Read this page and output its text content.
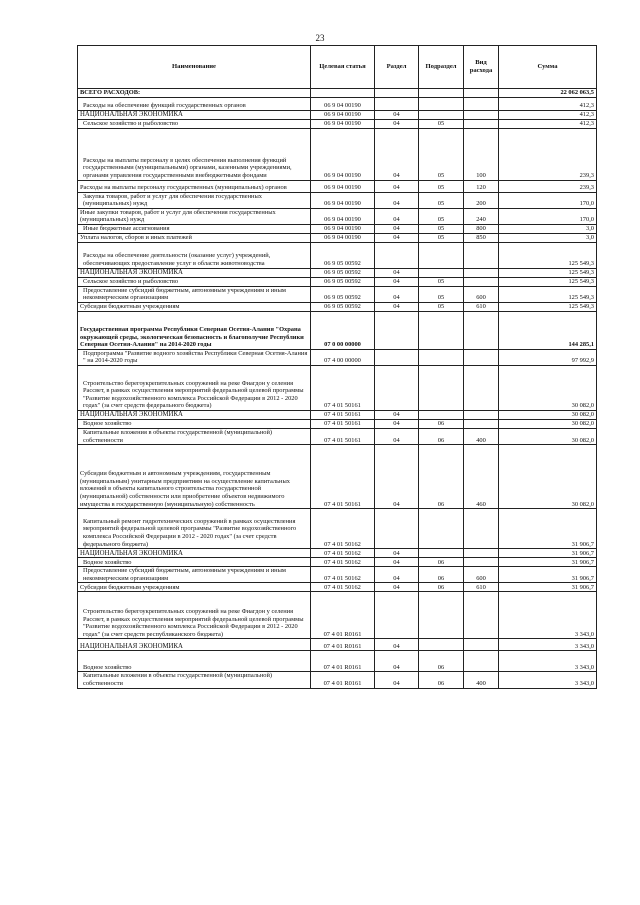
23
Наименование	Целевая статья	Раздел	Подраздел	Вид расхода	Сумма
ВСЕГО РАСХОДОВ:					22 062 063,5
Расходы на обеспечение функций государственных органов	06 9 04 00190				412,3
НАЦИОНАЛЬНАЯ ЭКОНОМИКА	06 9 04 00190	04			412,3
Сельское хозяйство и рыболовство	06 9 04 00190	04	05		412,3
Расходы на выплаты персоналу в целях обеспечения выполнения функций государственными (муниципальными) органами, казенными учреждениями, органами управления государственными внебюджетными фондами	06 9 04 00190	04	05	100	239,3
Расходы на выплаты персоналу государственных (муниципальных) органов	06 9 04 00190	04	05	120	239,3
Закупка товаров, работ и услуг для обеспечения государственных (муниципальных) нужд	06 9 04 00190	04	05	200	170,0
Иные закупки товаров, работ и услуг для обеспечения государственных (муниципальных) нужд	06 9 04 00190	04	05	240	170,0
Иные бюджетные ассигнования	06 9 04 00190	04	05	800	3,0
Уплата налогов, сборов и иных платежей	06 9 04 00190	04	05	850	3,0
Расходы на обеспечение деятельности (оказание услуг) учреждений, обеспечивающих предоставление услуг в области животноводства	06 9 05 00592				125 549,3
НАЦИОНАЛЬНАЯ ЭКОНОМИКА	06 9 05 00592	04			125 549,3
Сельское хозяйство и рыболовство	06 9 05 00592	04	05		125 549,3
Предоставление субсидий бюджетным, автономным учреждениям и иным некоммерческим организациям	06 9 05 00592	04	05	600	125 549,3
Субсидии бюджетным учреждениям	06 9 05 00592	04	05	610	125 549,3
Государственная программа Республики Северная Осетия-Алания "Охрана окружающей среды, экологическая безопасность и благополучие Республики Северная Осетия-Алания" на 2014-2020 годы	07 0 00 00000				144 285,1
Подпрограмма "Развитие водного хозяйства Республики Северная Осетия-Алания " на 2014-2020 годы	07 4 00 00000				97 992,9
Строительство берегоукрепительных сооружений на реке Фиагдон у селения Рассвет, в рамках осуществления мероприятий федеральной целевой программы "Развитие водохозяйственного комплекса Российской Федерации в 2012 - 2020 годах" (за счет средств федерального бюджета)	07 4 01 50161				30 082,0
НАЦИОНАЛЬНАЯ ЭКОНОМИКА	07 4 01 50161	04			30 082,0
Водное хозяйство	07 4 01 50161	04	06		30 082,0
Капитальные вложения в объекты государственной (муниципальной) собственности	07 4 01 50161	04	06	400	30 082,0
Субсидии бюджетным и автономным учреждениям, государственным (муниципальным) унитарным предприятиям на осуществление капитальных вложений в объекты капитального строительства государственной (муниципальной) собственности или приобретение объектов недвижимого имущества в государственную (муниципальную) собственность	07 4 01 50161	04	06	460	30 082,0
Капитальный ремонт гидротехнических сооружений в рамках осуществления мероприятий федеральной целевой программы "Развитие водохозяйственного комплекса Российской Федерации в 2012 - 2020 годах" (за счет средств федерального бюджета)	07 4 01 50162				31 906,7
НАЦИОНАЛЬНАЯ ЭКОНОМИКА	07 4 01 50162	04			31 906,7
Водное хозяйство	07 4 01 50162	04	06		31 906,7
Предоставление субсидий бюджетным, автономным учреждениям и иным некоммерческим организациям	07 4 01 50162	04	06	600	31 906,7
Субсидии бюджетным учреждениям	07 4 01 50162	04	06	610	31 906,7
Строительство берегоукрепительных сооружений на реке Фиагдон у селения Рассвет, в рамках осуществления мероприятий федеральной целевой программы "Развитие водохозяйственного комплекса Российской Федерации в 2012 - 2020 годах" (за счет средств республиканского бюджета)	07 4 01 R0161				3 343,0
НАЦИОНАЛЬНАЯ ЭКОНОМИКА	07 4 01 R0161	04			3 343,0
Водное хозяйство	07 4 01 R0161	04	06		3 343,0
Капитальные вложения в объекты государственной (муниципальной) собственности	07 4 01 R0161	04	06	400	3 343,0
